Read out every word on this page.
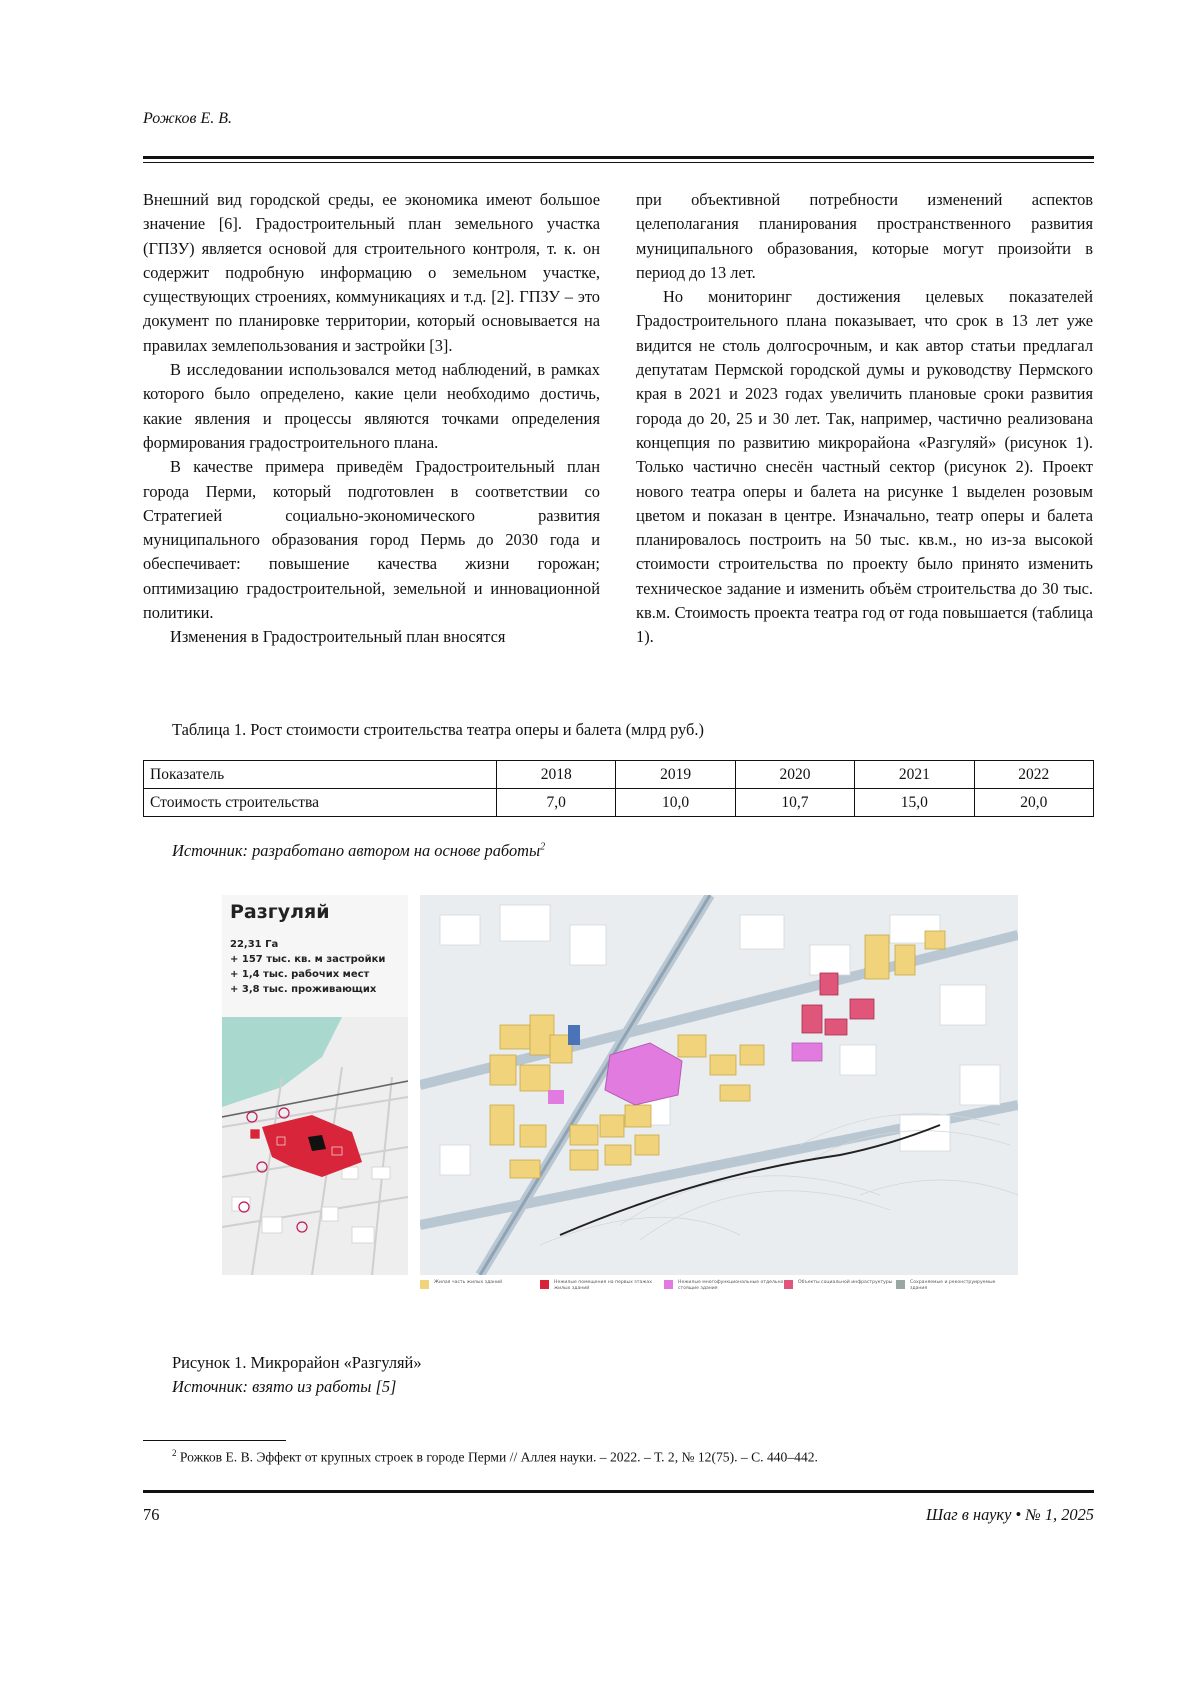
Рожков Е. В.

Внешний вид городской среды, ее экономика имеют большое значение [6]. Градостроительный план земельного участка (ГПЗУ) является основой для строительного контроля, т. к. он содержит подробную информацию о земельном участке, существующих строениях, коммуникациях и т.д. [2]. ГПЗУ – это документ по планировке территории, который основывается на правилах землепользования и застройки [3].

В исследовании использовался метод наблюдений, в рамках которого было определено, какие цели необходимо достичь, какие явления и процессы являются точками определения формирования градостроительного плана.

В качестве примера приведём Градостроительный план города Перми, который подготовлен в соответствии со Стратегией социально-экономического развития муниципального образования город Пермь до 2030 года и обеспечивает: повышение качества жизни горожан; оптимизацию градостроительной, земельной и инновационной политики.

Изменения в Градостроительный план вносятся

при объективной потребности изменений аспектов целеполагания планирования пространственного развития муниципального образования, которые могут произойти в период до 13 лет.

Но мониторинг достижения целевых показателей Градостроительного плана показывает, что срок в 13 лет уже видится не столь долгосрочным, и как автор статьи предлагал депутатам Пермской городской думы и руководству Пермского края в 2021 и 2023 годах увеличить плановые сроки развития города до 20, 25 и 30 лет. Так, например, частично реализована концепция по развитию микрорайона «Разгуляй» (рисунок 1). Только частично снесён частный сектор (рисунок 2). Проект нового театра оперы и балета на рисунке 1 выделен розовым цветом и показан в центре. Изначально, театр оперы и балета планировалось построить на 50 тыс. кв.м., но из-за высокой стоимости строительства по проекту было принято изменить техническое задание и изменить объём строительства до 30 тыс. кв.м. Стоимость проекта театра год от года повышается (таблица 1).

Таблица 1. Рост стоимости строительства театра оперы и балета (млрд руб.)
Показатель	2018	2019	2020	2021	2022
Стоимость строительства	7,0	10,0	10,7	15,0	20,0
Источник: разработано автором на основе работы$^2$
Разгуляй
22,31 Га
+ 157 тыс. кв. м застройки
+ 1,4 тыс. рабочих мест
+ 3,8 тыс. проживающих
Жилая часть жилых зданий	Нежилые помещения на первых этажах жилых зданий
Нежилые многофункциональные отдельно стоящие здания
Объекты социальной инфраструктуры	Сохраняемые и реконструируемые здания
Рисунок 1. Микрорайон «Разгуляй»
Источник: взято из работы [5]
$^2$ Рожков Е. В. Эффект от крупных строек в городе Перми // Аллея науки. – 2022. – Т. 2, № 12(75). – С. 440–442.
76	Шаг в науку • № 1, 2025
